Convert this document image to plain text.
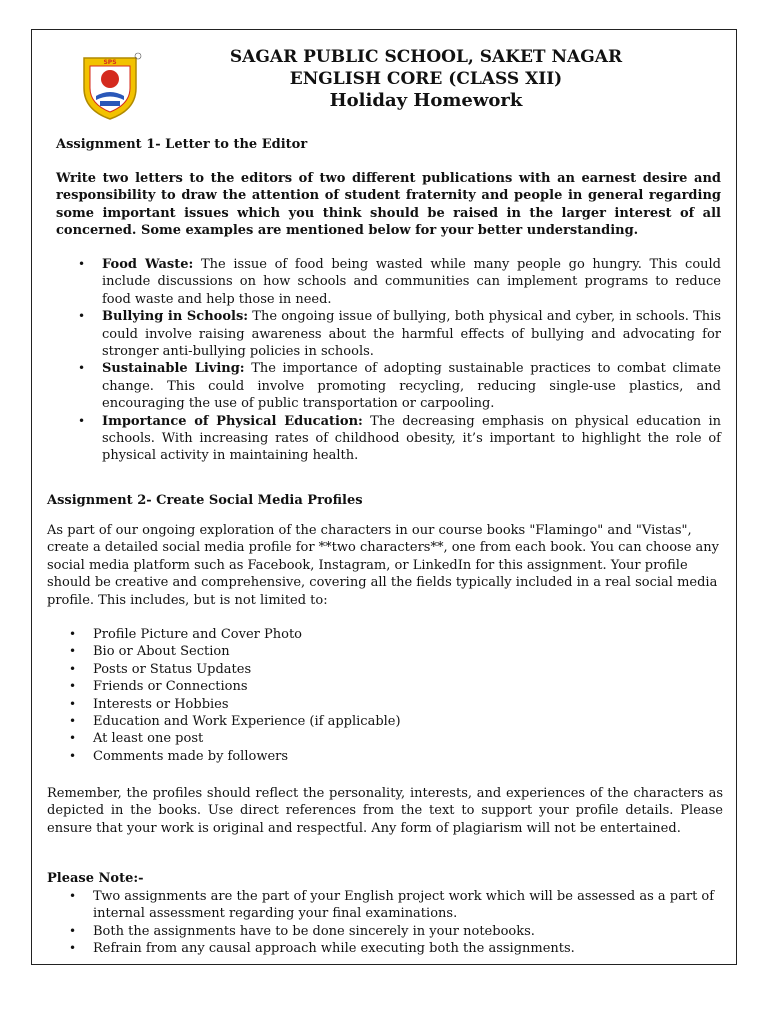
SPS	SAGAR PUBLIC SCHOOL, SAKET NAGAR
ENGLISH CORE (CLASS XII)
Holiday Homework
Assignment 1- Letter to the Editor
Write two letters to the editors of two different publications with an earnest desire and responsibility to draw the attention of student fraternity and people in general regarding some important issues which you think should be raised in the larger interest of all concerned. Some examples are mentioned below for your better understanding.
• Food Waste: The issue of food being wasted while many people go hungry. This could include discussions on how schools and communities can implement programs to reduce food waste and help those in need.
• Bullying in Schools: The ongoing issue of bullying, both physical and cyber, in schools. This could involve raising awareness about the harmful effects of bullying and advocating for stronger anti-bullying policies in schools.
• Sustainable Living: The importance of adopting sustainable practices to combat climate change. This could involve promoting recycling, reducing single-use plastics, and encouraging the use of public transportation or carpooling.
• Importance of Physical Education: The decreasing emphasis on physical education in schools. With increasing rates of childhood obesity, it’s important to highlight the role of physical activity in maintaining health.
Assignment 2- Create Social Media Profiles
As part of our ongoing exploration of the characters in our course books "Flamingo" and "Vistas", create a detailed social media profile for **two characters**, one from each book. You can choose any social media platform such as Facebook, Instagram, or LinkedIn for this assignment. Your profile should be creative and comprehensive, covering all the fields typically included in a real social media profile. This includes, but is not limited to:
• Profile Picture and Cover Photo
• Bio or About Section
• Posts or Status Updates
• Friends or Connections
• Interests or Hobbies
• Education and Work Experience (if applicable)
• At least one post
• Comments made by followers
Remember, the profiles should reflect the personality, interests, and experiences of the characters as depicted in the books. Use direct references from the text to support your profile details. Please ensure that your work is original and respectful. Any form of plagiarism will not be entertained.
Please Note:-
• Two assignments are the part of your English project work which will be assessed as a part of internal assessment regarding your final examinations.
• Both the assignments have to be done sincerely in your notebooks.
• Refrain from any causal approach while executing both the assignments.
